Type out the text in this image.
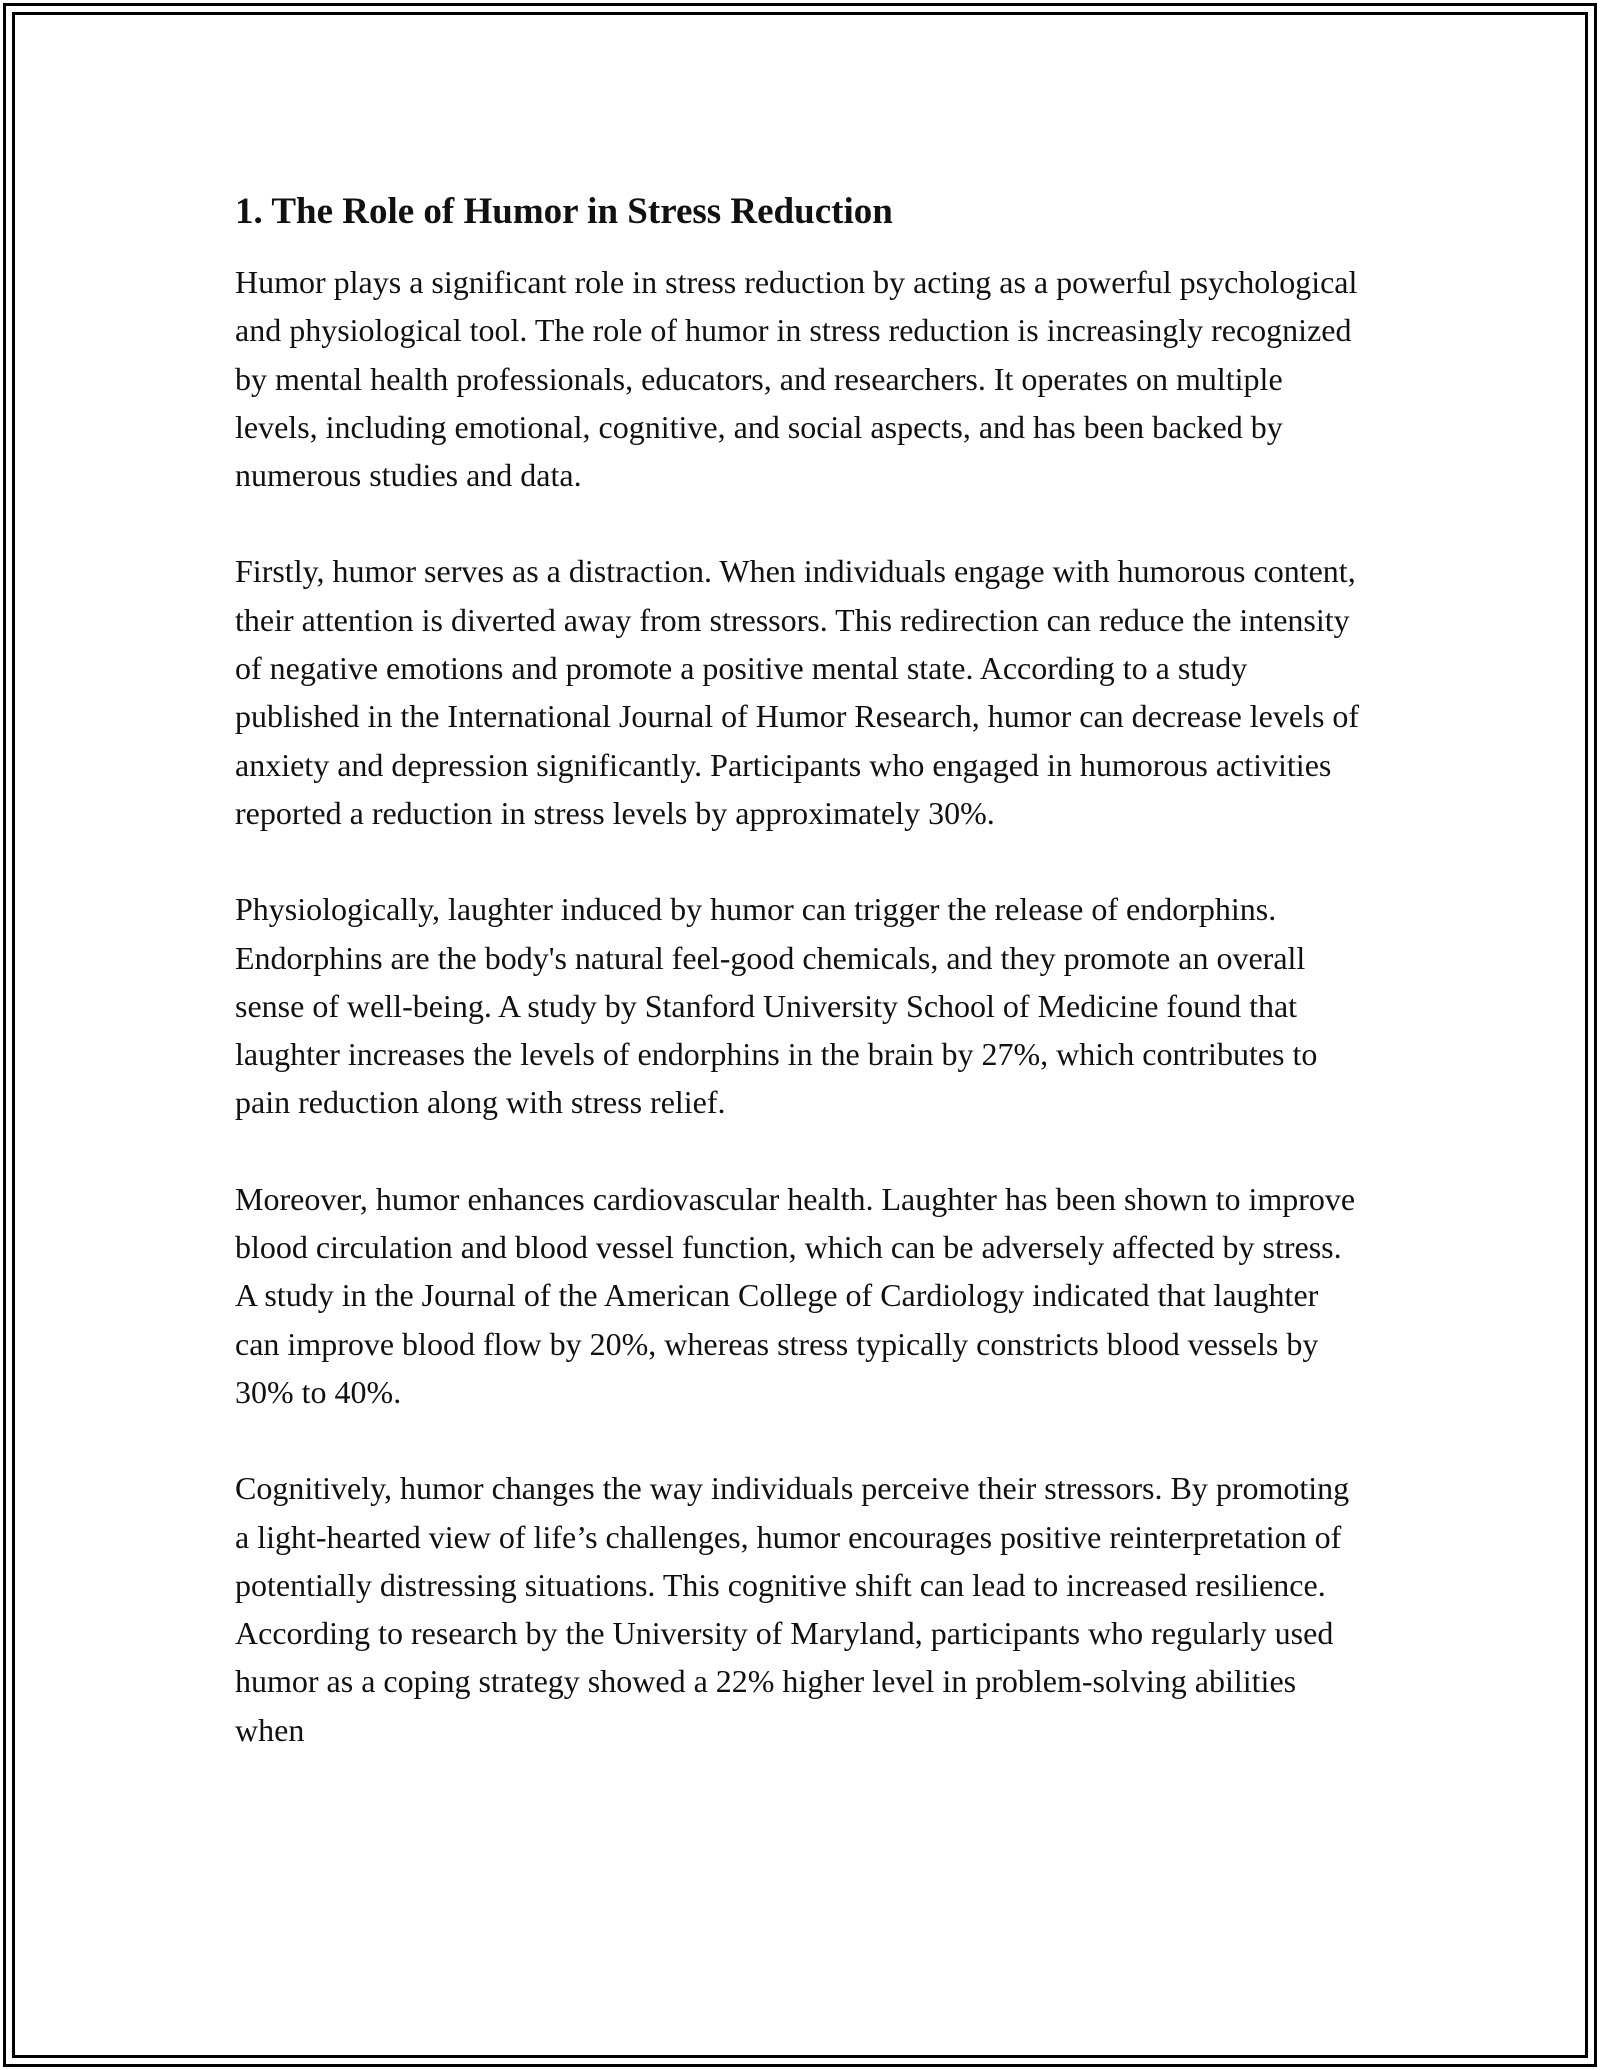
1. The Role of Humor in Stress Reduction

Humor plays a significant role in stress reduction by acting as a powerful psychological and physiological tool. The role of humor in stress reduction is increasingly recognized by mental health professionals, educators, and researchers. It operates on multiple levels, including emotional, cognitive, and social aspects, and has been backed by numerous studies and data.

Firstly, humor serves as a distraction. When individuals engage with humorous content, their attention is diverted away from stressors. This redirection can reduce the intensity of negative emotions and promote a positive mental state. According to a study published in the International Journal of Humor Research, humor can decrease levels of anxiety and depression significantly. Participants who engaged in humorous activities reported a reduction in stress levels by approximately 30%.

Physiologically, laughter induced by humor can trigger the release of endorphins. Endorphins are the body's natural feel-good chemicals, and they promote an overall sense of well-being. A study by Stanford University School of Medicine found that laughter increases the levels of endorphins in the brain by 27%, which contributes to pain reduction along with stress relief.

Moreover, humor enhances cardiovascular health. Laughter has been shown to improve blood circulation and blood vessel function, which can be adversely affected by stress. A study in the Journal of the American College of Cardiology indicated that laughter can improve blood flow by 20%, whereas stress typically constricts blood vessels by 30% to 40%.

Cognitively, humor changes the way individuals perceive their stressors. By promoting a light-hearted view of life’s challenges, humor encourages positive reinterpretation of potentially distressing situations. This cognitive shift can lead to increased resilience. According to research by the University of Maryland, participants who regularly used humor as a coping strategy showed a 22% higher level in problem-solving abilities when
